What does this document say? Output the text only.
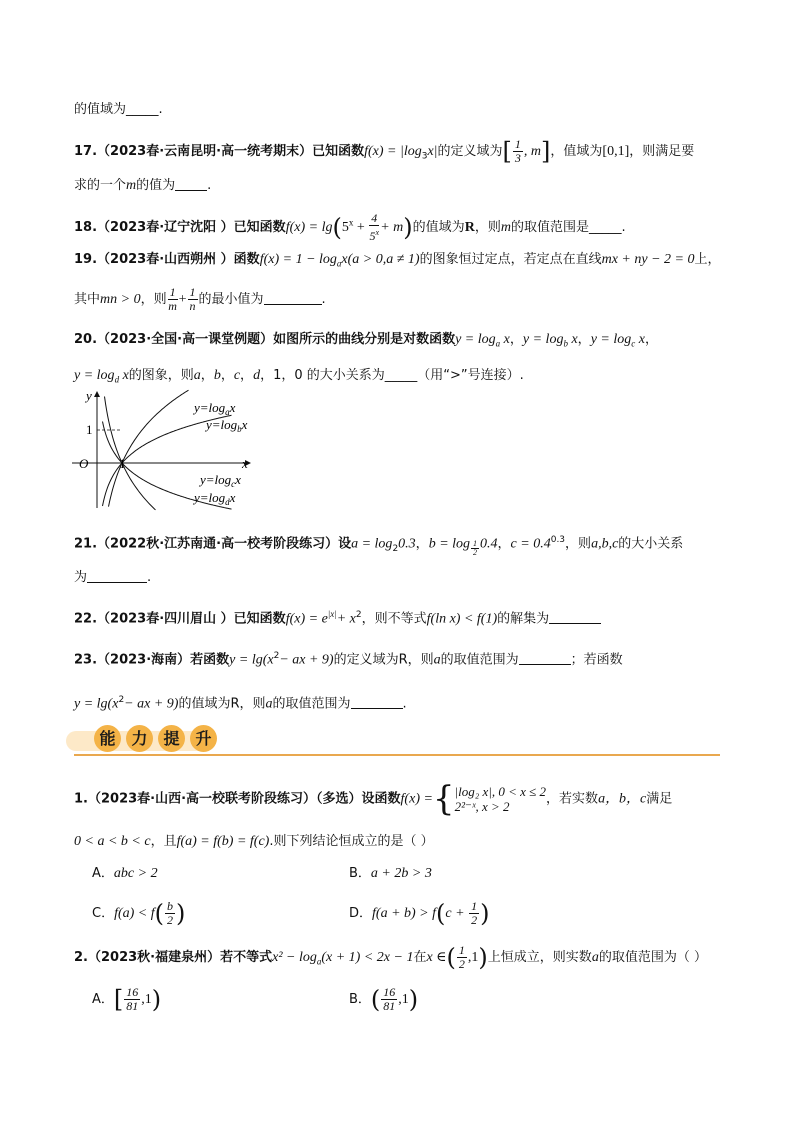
的值域为_____.
17.（2023春·云南昆明·高一统考期末）已知函数$f(x) = |\log_3x|$的定义域为[ $\frac{1}{3}$ , m]，值域为[0,1]，则满足要
求的一个m的值为 .
18.（2023春·辽宁沈阳 ）已知函数$f(x) = \lg(5^x + \frac{4}{5^x} + m)$的值域为R，则m的取值范围是_____.
19.（2023春·山西朔州 ）函数$f(x) = 1 - \log_ax(a > 0,a \ne 1)$的图象恒过定点，若定点在直线mx + ny − 2 = 0上，
其中mn > 0，则 $\frac{1}{m} + \frac{1}{n}$ 的最小值为	.
20.（2023·全国·高一课堂例题）如图所示的曲线分别是对数函数$y = \log_a x$，$y = \log_b x$，$y = \log_c x$，
$y = \log_d x$的图象，则a，b，c，d，1，0 的大小关系为_____（用“>”号连接）.
y
x
O
1
1
$y=\log_ax$
$y=\log_bx$
$y=\log_cx$
$y=\log_dx$
21.（2022秋·江苏南通·高一校考阶段练习）设$a = \log_20.3$，b = log $_{\frac{1}{2}}$ 0.4，$c = 0.4^{0.3}$，则a,b,c的大小关系
为	.
22.（2023春·四川眉山 ）已知函数$f(x) = e^{|x|}+ x^2$，则不等式f(ln x) < f(1)的解集为
23.（2023·海南）若函数$y = \lg(x^2-$ ax + 9)的定义域为R，则a的取值范围为	；若函数
$y = \lg(x^2-$ ax + 9)的值域为R，则a的取值范围为	.
能 力 提 升
1.（2023春·山西·高一校联考阶段练习）（多选）设函数f(x) ={ |log₂ x|, 0 < x ≤ 2
2²⁻ˣ, x > 2	，若实数a，b，c满足
0 < a < b < c，且f(a) = f(b) = f(c).则下列结论恒成立的是（ ）
A．abc > 2	B．a + 2b > 3
C．$f(a) < f( \frac{b}{2}$ )	D．$f(a + b) > f(c + \frac{1}{2}$ )
2.（2023秋·福建泉州）若不等式$x^2 - \log_a(x + 1) < 2x - 1$在x ∈( $\frac{1}{2} ,1$)上恒成立，则实数a的取值范围为（ ）
A．[ $\frac{16}{81} ,1$)	B．( $\frac{16}{81} ,1$)
